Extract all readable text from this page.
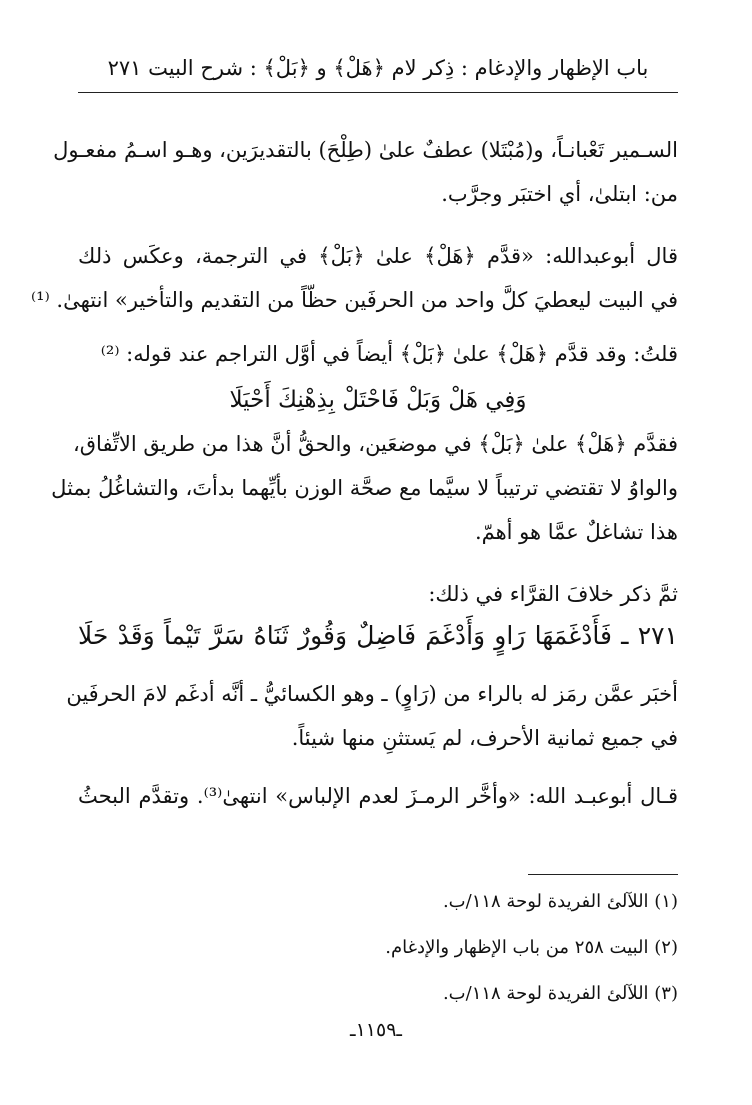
باب الإظهار والإدغام : ذِكر لام ﴿هَلْ﴾ و ﴿بَلْ﴾ : شرح البيت ٢٧١
السـمير تَعْبانـاً، و(مُبْتَلا) عطفٌ علىٰ (طِلْحَ) بالتقديرَين، وهـو اسـمُ مفعـول
من: ابتلىٰ، أي اختبَر وجرَّب.
قال أبوعبدالله: «قدَّم ﴿هَلْ﴾ علىٰ ﴿بَلْ﴾ في الترجمة، وعكَس ذلك
في البيت ليعطيَ كلَّ واحد من الحرفَين حظّاً من التقديم والتأخير» انتهىٰ. ⁽¹⁾
قلتُ: وقد قدَّم ﴿هَلْ﴾ علىٰ ﴿بَلْ﴾ أيضاً في أوَّل التراجم عند قوله: ⁽²⁾
وَفِي هَلْ وَبَلْ فَاحْتَلْ بِذِهْنِكَ أَحْيَلَا
فقدَّم ﴿هَلْ﴾ علىٰ ﴿بَلْ﴾ في موضعَين، والحقُّ أنَّ هذا من طريق الاتِّفاق،
والواوُ لا تقتضي ترتيباً لا سيَّما مع صحَّة الوزن بأيِّهما بدأتَ، والتشاغُلُ بمثل
هذا تشاغلٌ عمَّا هو أهمّ.
ثمَّ ذكر خلافَ القرَّاء في ذلك:
٢٧١ ـ فَأَدْغَمَهَا رَاوٍ وَأَدْغَمَ فَاضِلٌ وَقُورٌ ثَنَاهُ سَرَّ تَيْماً وَقَدْ حَلَا
أخبَر عمَّن رمَز له بالراء من (رَاوٍ) ـ وهو الكسائيُّ ـ أنَّه أدغَم لامَ الحرفَين
في جميع ثمانية الأحرف، لم يَستثنِ منها شيئاً.
قـال أبوعبـد الله: «وأخَّر الرمـزَ لعدم الإلباس» انتهىٰ⁽³⁾. وتقدَّم البحثُ
(١) اللآلئ الفريدة لوحة ١١٨/ب.
(٢) البيت ٢٥٨ من باب الإظهار والإدغام.
(٣) اللآلئ الفريدة لوحة ١١٨/ب.
ـ١١٥٩ـ
